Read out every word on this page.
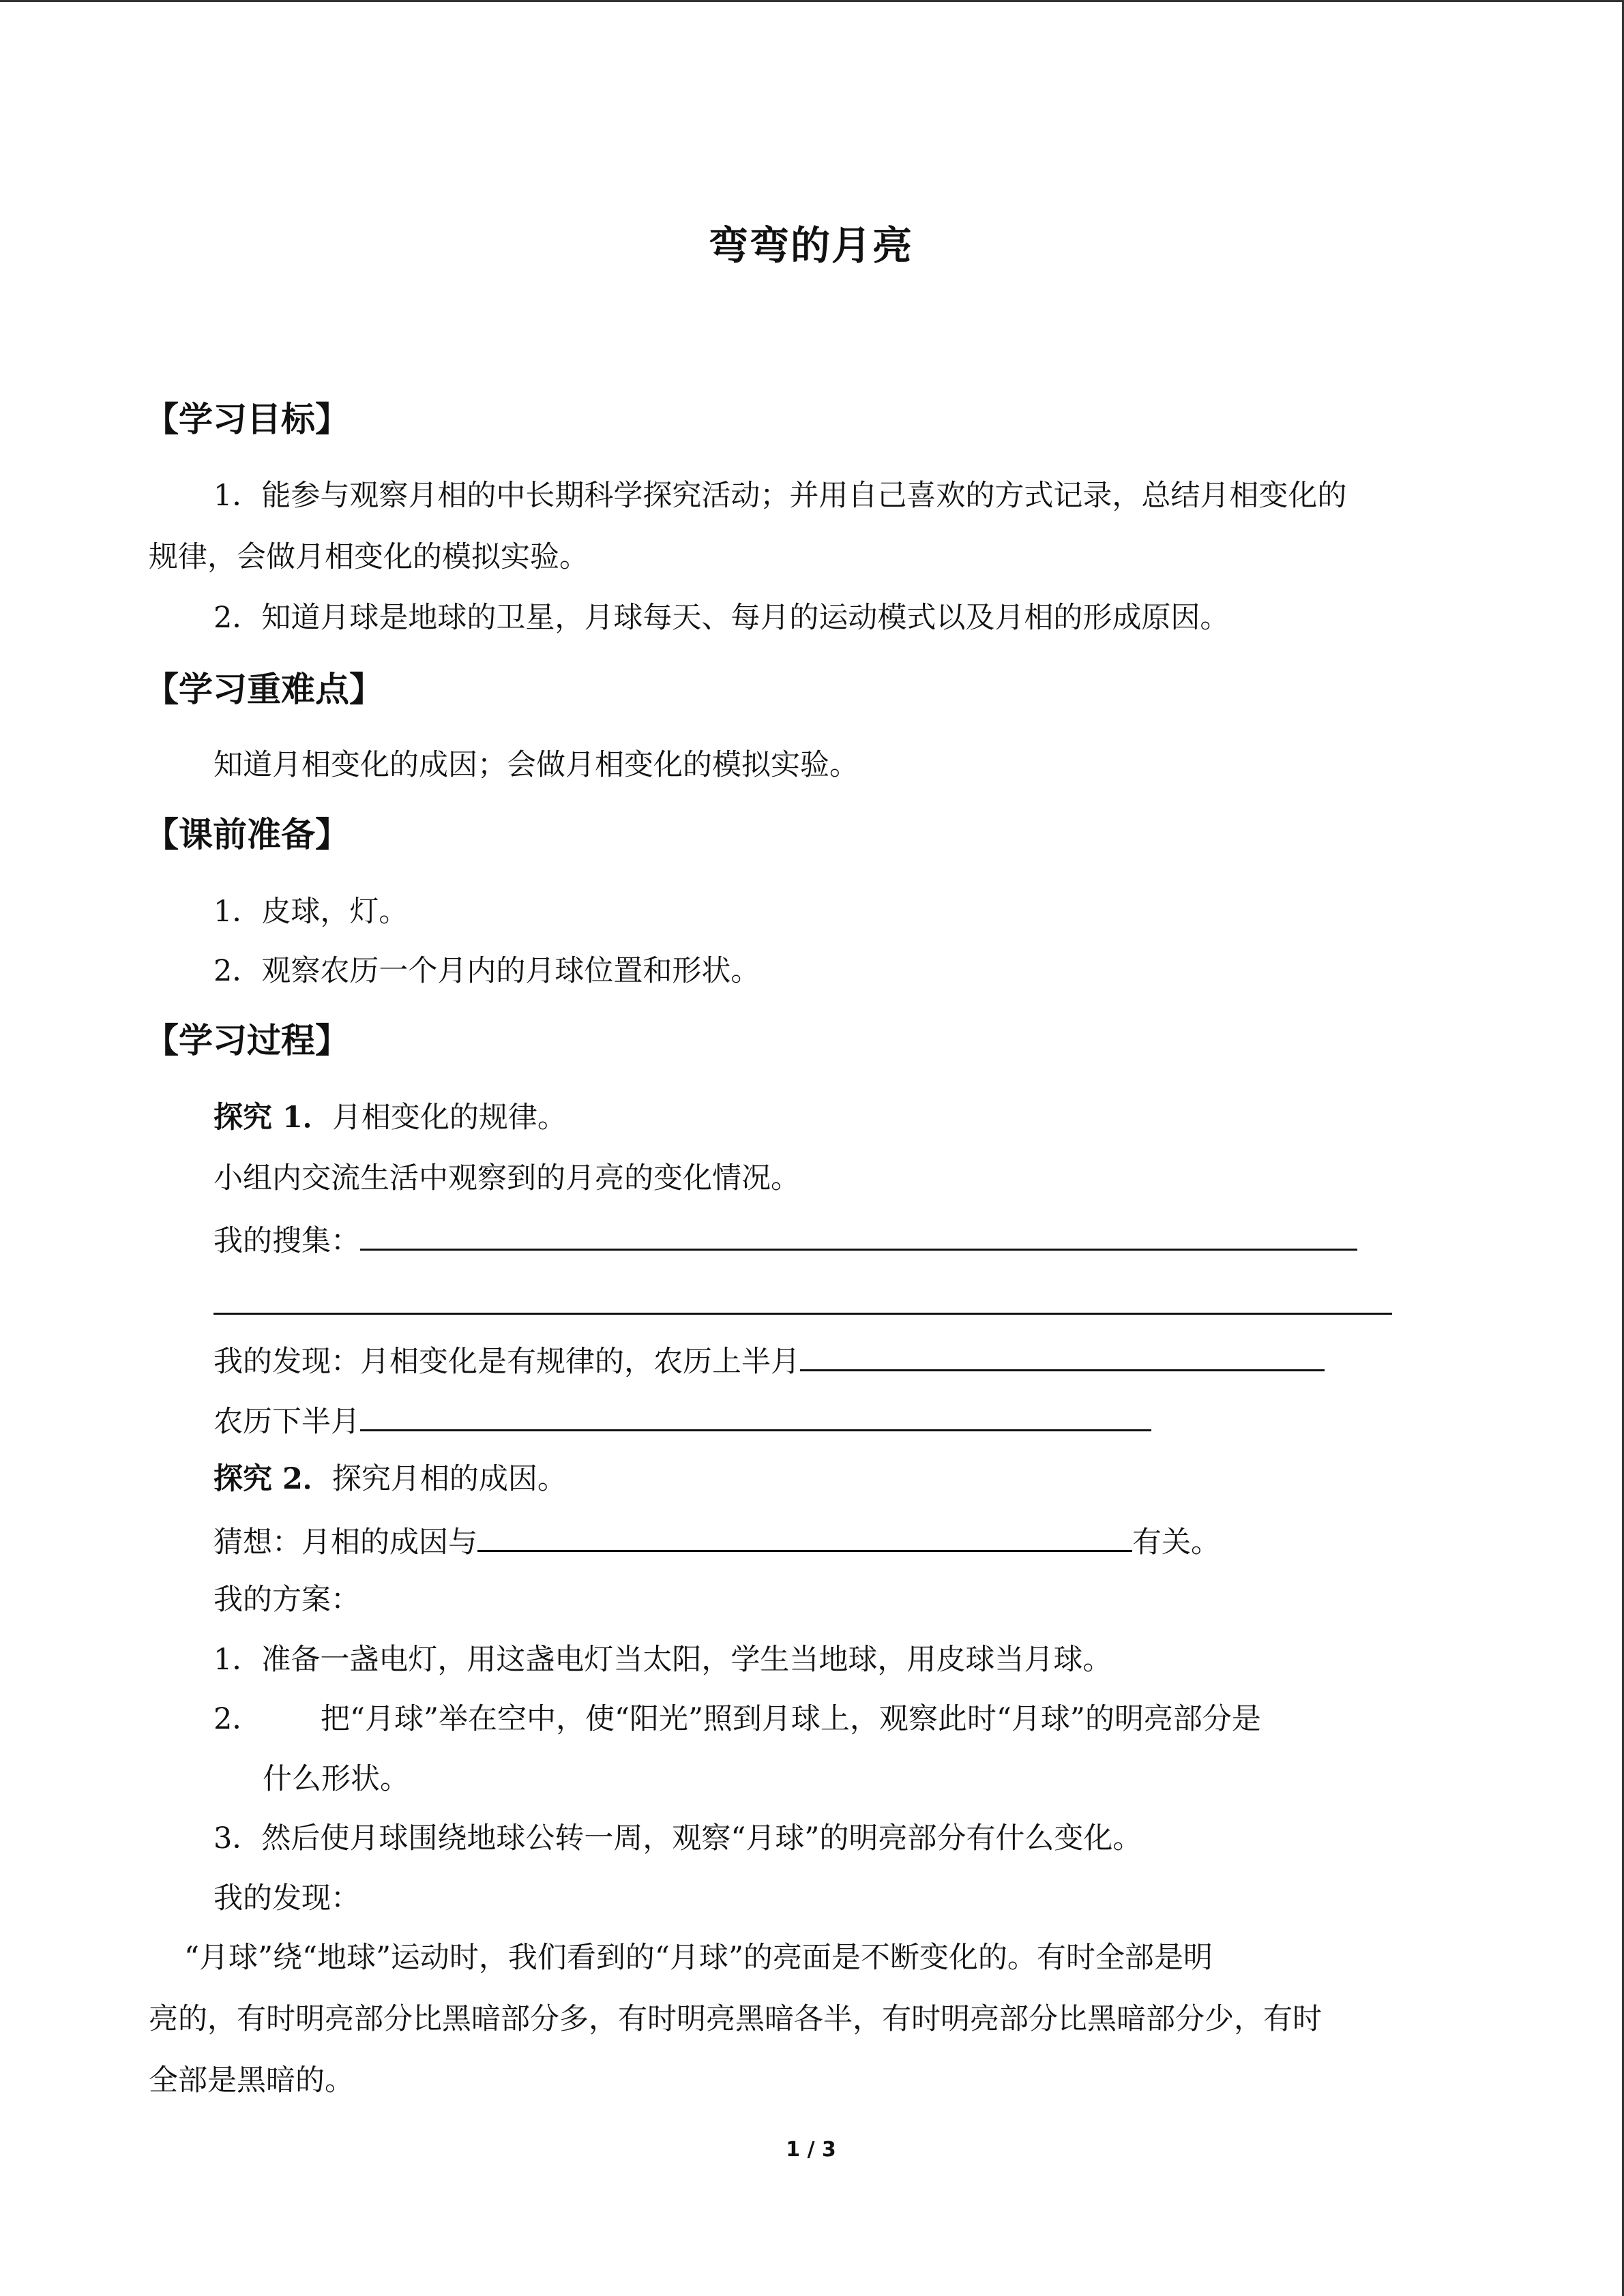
弯弯的月亮
【学习目标】
1．能参与观察月相的中长期科学探究活动；并用自己喜欢的方式记录，总结月相变化的
规律，会做月相变化的模拟实验。
2．知道月球是地球的卫星，月球每天、每月的运动模式以及月相的形成原因。
【学习重难点】
知道月相变化的成因；会做月相变化的模拟实验。
【课前准备】
1．皮球，灯。
2．观察农历一个月内的月球位置和形状。
【学习过程】
探究 1．月相变化的规律。
小组内交流生活中观察到的月亮的变化情况。
我的搜集：
我的发现：月相变化是有规律的，农历上半月
农历下半月
探究 2．探究月相的成因。
猜想：月相的成因与	有关。
我的方案：
1．准备一盏电灯，用这盏电灯当太阳，学生当地球，用皮球当月球。
2． 把“月球”举在空中，使“阳光”照到月球上，观察此时“月球”的明亮部分是
什么形状。
3．然后使月球围绕地球公转一周，观察“月球”的明亮部分有什么变化。
我的发现：
“月球”绕“地球”运动时，我们看到的“月球”的亮面是不断变化的。有时全部是明
亮的，有时明亮部分比黑暗部分多，有时明亮黑暗各半，有时明亮部分比黑暗部分少，有时
全部是黑暗的。
1 / 3
